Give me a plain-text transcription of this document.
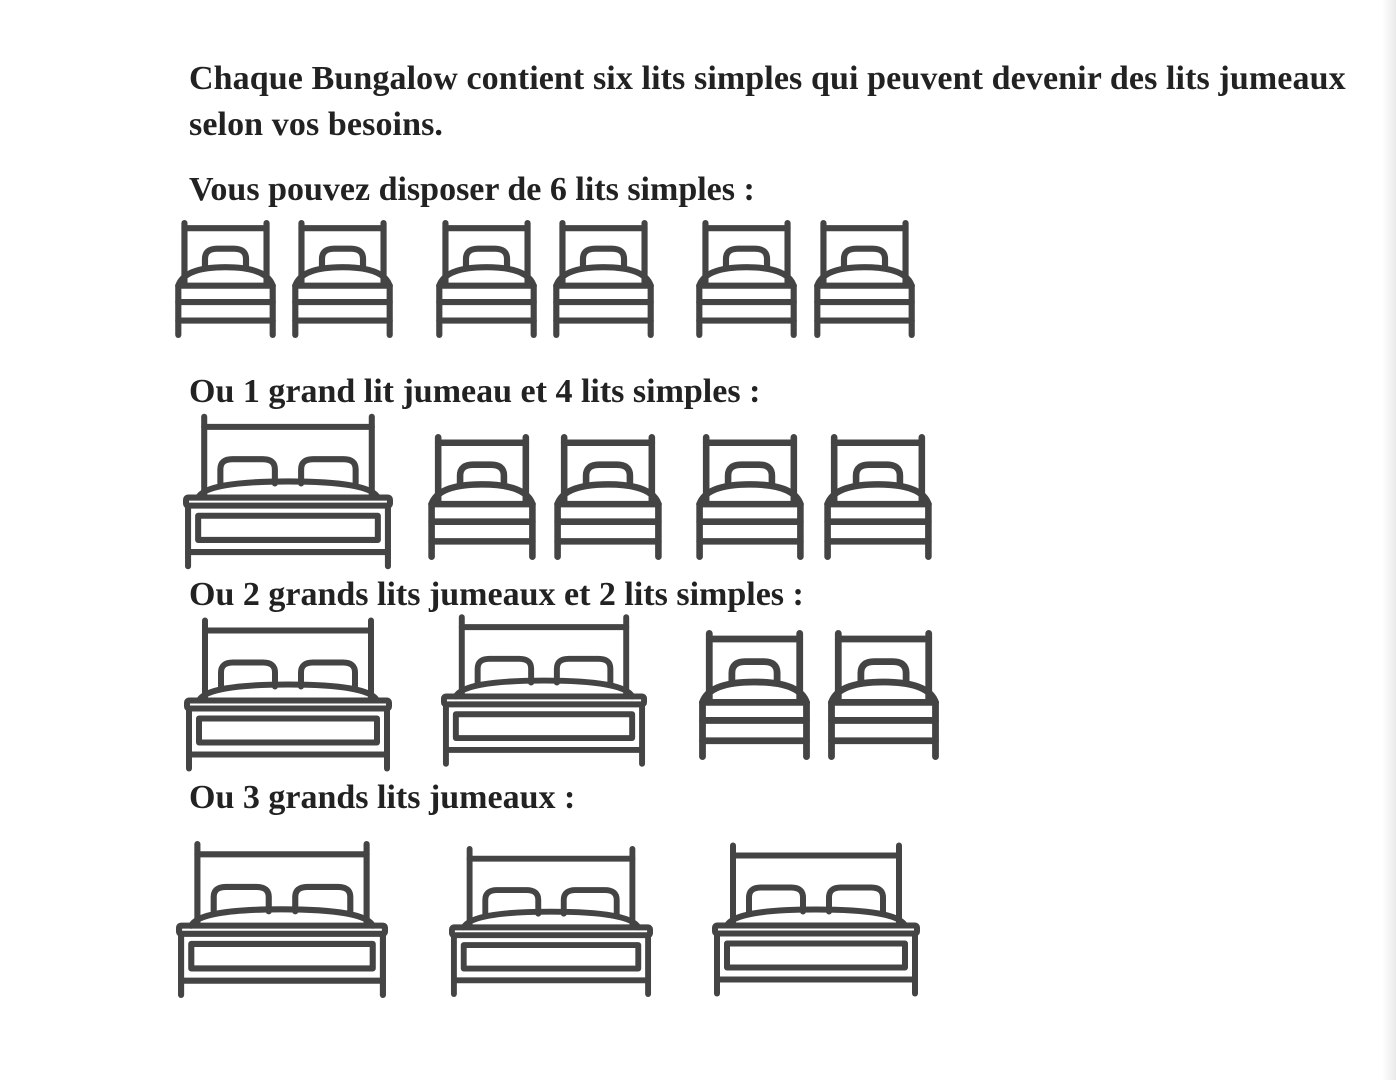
Chaque Bungalow contient six lits simples qui peuvent devenir des lits jumeaux selon vos besoins.

Vous pouvez disposer de 6 lits simples :
Ou 1 grand lit jumeau et 4 lits simples :
Ou 2 grands lits jumeaux et 2 lits simples :
Ou 3 grands lits jumeaux :
